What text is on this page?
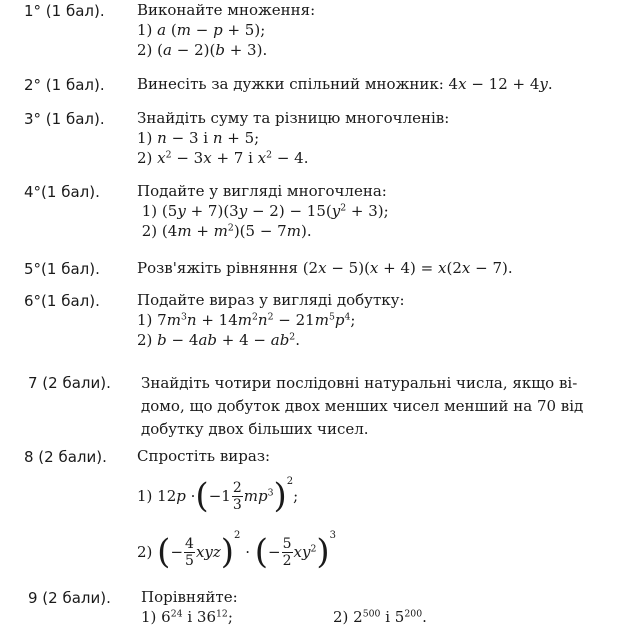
1° (1 бал). Виконайте множення:
1) a (m − p + 5);
2) (a − 2)(b + 3).
2° (1 бал). Винесіть за дужки спільний множник: 4x − 12 + 4y.
3° (1 бал). Знайдіть суму та різницю многочленів:
1) n − 3 і n + 5;
2) $x^2 - 3x + 7$ і $x^2 - 4$.
4°(1 бал). Подайте у вигляді многочлена:
1) $(5y + 7)(3y - 2) - 15(y^2 + 3)$;
2) $(4m + m^2)(5 - 7m)$.
5°(1 бал). Розв'яжіть рівняння (2x − 5)(x + 4) = x(2x − 7).
6°(1 бал). Подайте вираз у вигляді добутку:
1) $7m^3n + 14m^2n^2 - 21m^5p^4$;
2) $b - 4ab + 4 - ab^2$.
7 (2 бали). Знайдіть чотири послідовні натуральні числа, якщо ві-
домо, що добуток двох менших чисел менший на 70 від
добутку двох більших чисел.
8 (2 бали). Спростіть вираз:
1) 12p · ( $-1 \frac{2}{3} mp^3$ ) 2
;
2) ( − $\frac{4}{5}$ xyz ) 2
· ( − $\frac{5}{2} xy^2$ ) 3
9 (2 бали). Порівняйте:
1) $6^{24}$ і $36^{12}$;	2) $2^{500}$ і $5^{200}$.
